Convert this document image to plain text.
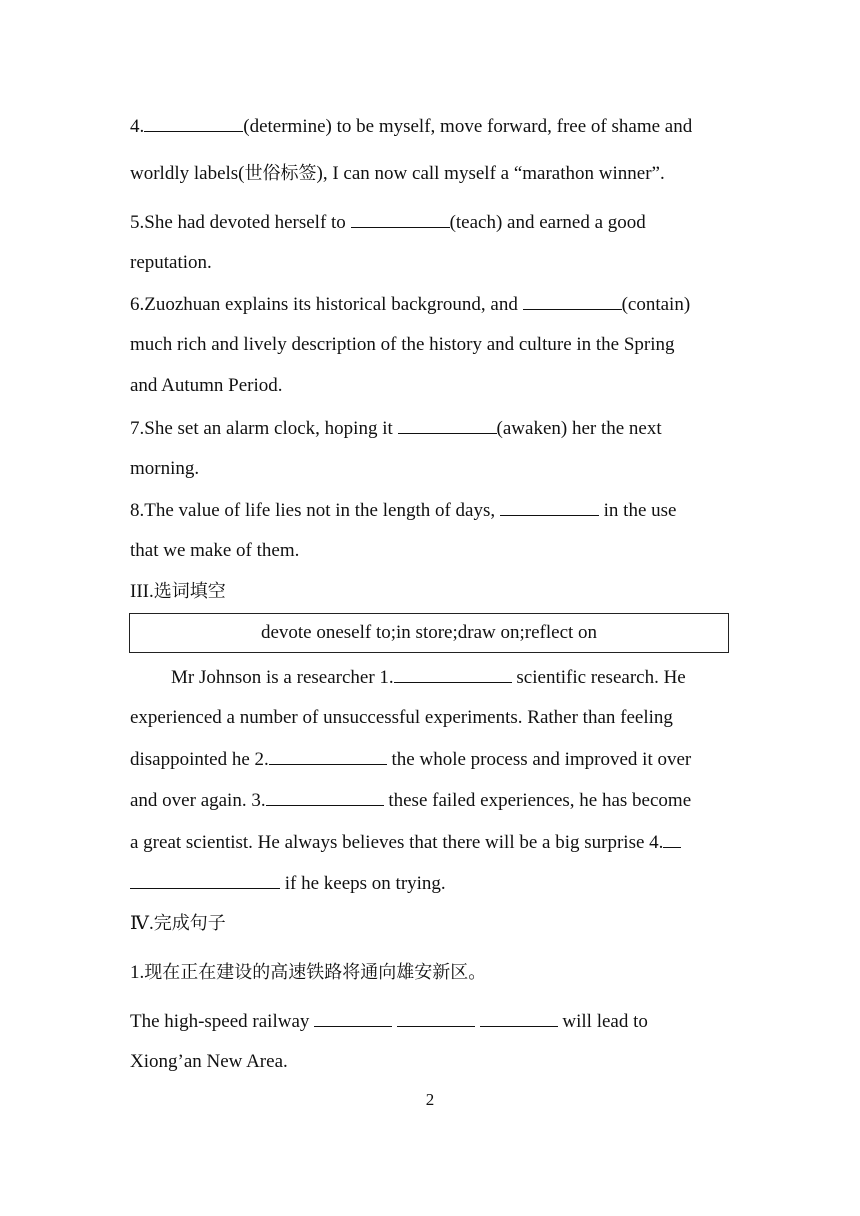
4.	(determine) to be myself, move forward, free of shame and
worldly labels(世俗标签), I can now call myself a “marathon winner”.
5.She had devoted herself to	(teach) and earned a good
reputation.
6.Zuozhuan explains its historical background, and	(contain)
much rich and lively description of the history and culture in the Spring
and Autumn Period.
7.She set an alarm clock, hoping it	(awaken) her the next
morning.
8.The value of life lies not in the length of days,	in the use
that we make of them.
III.选词填空
devote oneself to;in store;draw on;reflect on
Mr Johnson is a researcher 1.	scientific research. He
experienced a number of unsuccessful experiments. Rather than feeling
disappointed he 2.	the whole process and improved it over
and over again. 3.	these failed experiences, he has become
a great scientist. He always believes that there will be a big surprise 4.
if he keeps on trying.
Ⅳ.完成句子
1.现在正在建设的高速铁路将通向雄安新区。
The high-speed railway	will lead to
Xiong’an New Area.
2
